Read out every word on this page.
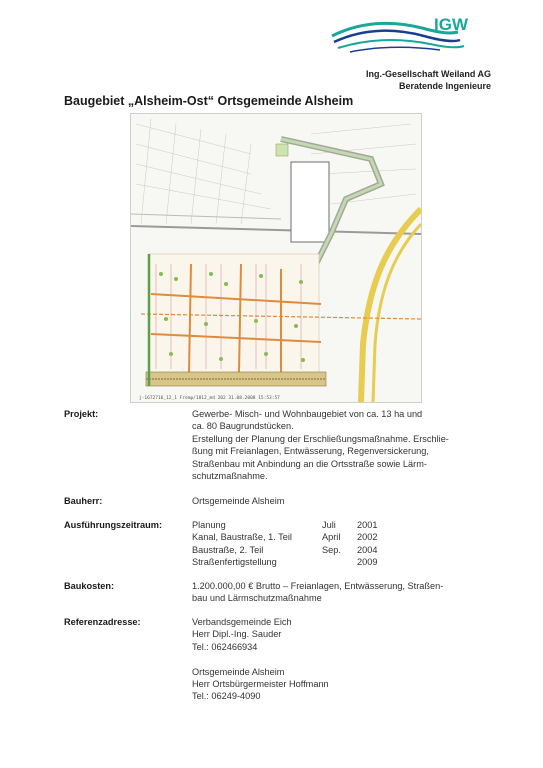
IGW
Ing.-Gesellschaft Weiland AG
Beratende Ingenieure
Baugebiet „Alsheim-Ost“ Ortsgemeinde Alsheim
j-1672716_12_1 Fremp/1812_md 202 31.08.2008 15:53:57
Projekt:	Gewerbe- Misch- und Wohnbaugebiet von ca. 13 ha und
ca. 80 Baugrundstücken.
Erstellung der Planung der Erschließungsmaßnahme. Erschlie-
ßung mit Freianlagen, Entwässerung, Regenversickerung,
Straßenbau mit Anbindung an die Ortsstraße sowie Lärm-
schutzmaßnahme.
Bauherr:	Ortsgemeinde Alsheim
Ausführungszeitraum:	Planung	Juli 2001
Kanal, Baustraße, 1. Teil	April 2002
Baustraße, 2. Teil	Sep. 2004
Straßenfertigstellung	2009
Baukosten:	1.200.000,00 € Brutto – Freianlagen, Entwässerung, Straßen-
bau und Lärmschutzmaßnahme
Referenzadresse:	Verbandsgemeinde Eich
Herr Dipl.-Ing. Sauder
Tel.: 062466934
Ortsgemeinde Alsheim
Herr Ortsbürgermeister Hoffmann
Tel.: 06249-4090
